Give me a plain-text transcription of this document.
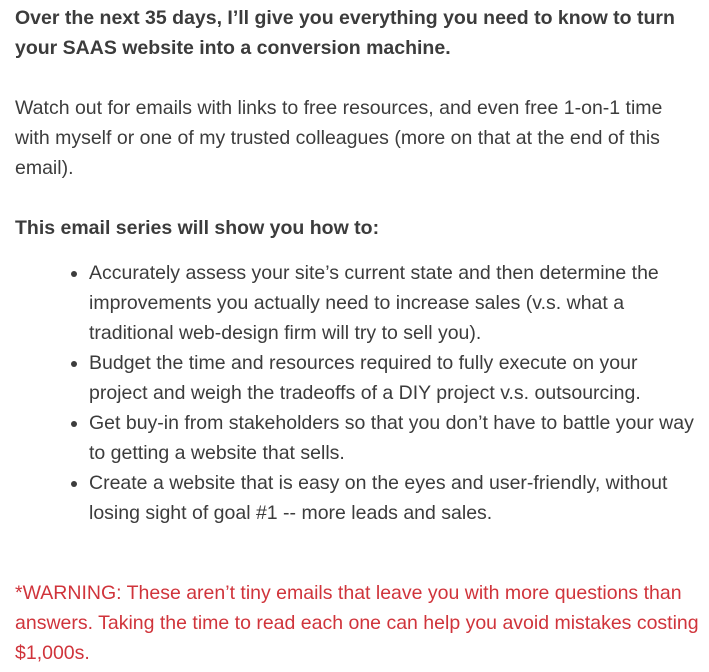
Over the next 35 days, I’ll give you everything you need to know to turn your SAAS website into a conversion machine.

Watch out for emails with links to free resources, and even free 1-on-1 time with myself or one of my trusted colleagues (more on that at the end of this email).

This email series will show you how to:

• Accurately assess your site’s current state and then determine the improvements you actually need to increase sales (v.s. what a traditional web-design firm will try to sell you).
• Budget the time and resources required to fully execute on your project and weigh the tradeoffs of a DIY project v.s. outsourcing.
• Get buy-in from stakeholders so that you don’t have to battle your way to getting a website that sells.
• Create a website that is easy on the eyes and user-friendly, without losing sight of goal #1 -- more leads and sales.

*WARNING: These aren’t tiny emails that leave you with more questions than answers. Taking the time to read each one can help you avoid mistakes costing $1,000s.
